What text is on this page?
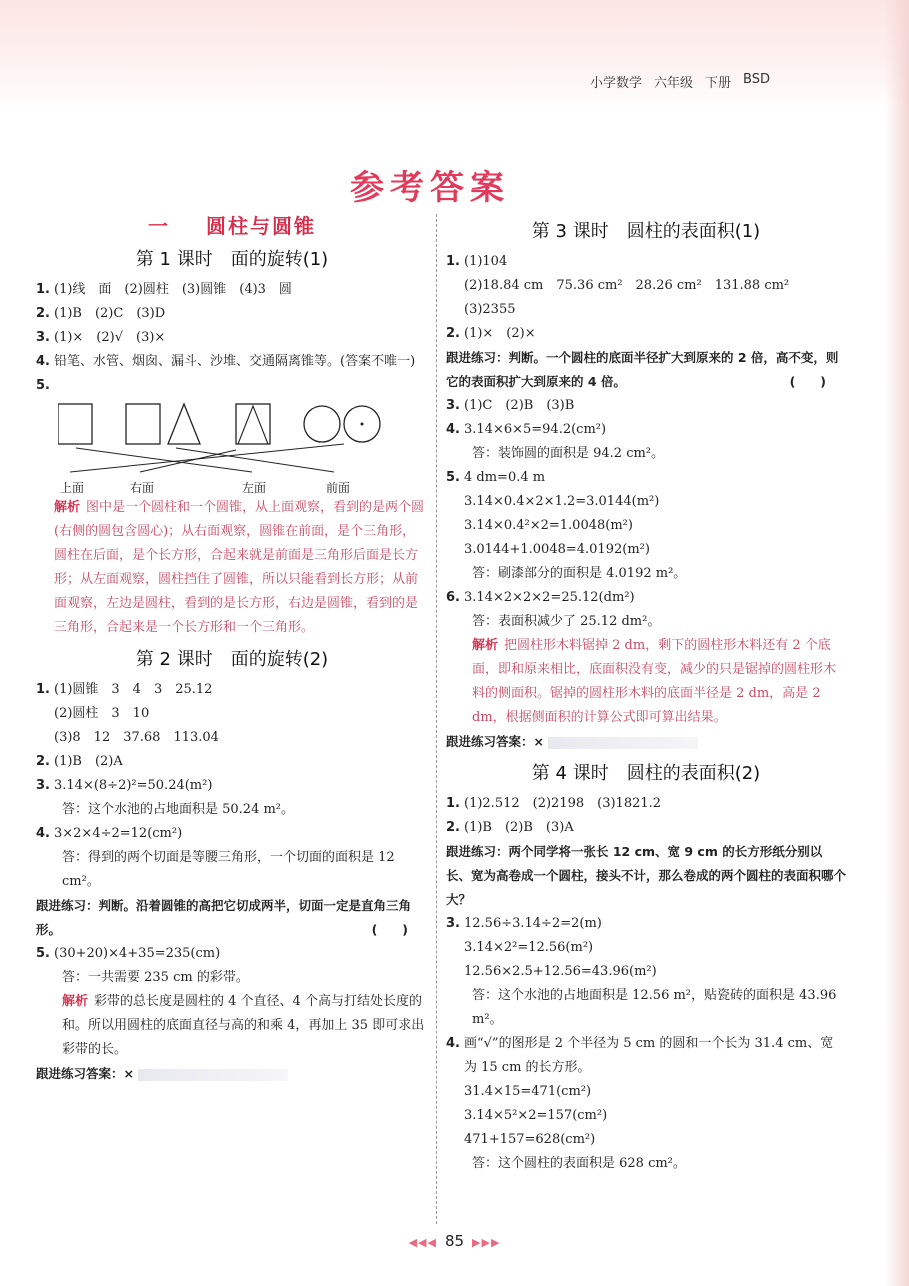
小学数学 六年级 下册 BSD
参考答案
一 圆柱与圆锥
第 1 课时　面的旋转(1)
1. (1)线　面　(2)圆柱　(3)圆锥　(4)3　圆
2. (1)B　(2)C　(3)D
3. (1)×　(2)√　(3)×
4. 铅笔、水管、烟囱、漏斗、沙堆、交通隔离锥等。(答案不唯一)
5.
上面	右面	左面	前面
解析 图中是一个圆柱和一个圆锥，从上面观察，看到的是两个圆(右侧的圆包含圆心)；从右面观察，圆锥在前面，是个三角形，圆柱在后面，是个长方形，合起来就是前面是三角形后面是长方形；从左面观察，圆柱挡住了圆锥，所以只能看到长方形；从前面观察，左边是圆柱，看到的是长方形，右边是圆锥，看到的是三角形，合起来是一个长方形和一个三角形。
第 2 课时　面的旋转(2)
1. (1)圆锥　3　4　3　25.12
(2)圆柱　3　10
(3)8　12　37.68　113.04
2. (1)B　(2)A
3. 3.14×(8÷2)²=50.24(m²)
答：这个水池的占地面积是 50.24 m²。
4. 3×2×4÷2=12(cm²)
答：得到的两个切面是等腰三角形，一个切面的面积是 12 cm²。
跟进练习：判断。沿着圆锥的高把它切成两半，切面一定是直角三角形。	(　　)
5. (30+20)×4+35=235(cm)
答：一共需要 235 cm 的彩带。
解析 彩带的总长度是圆柱的 4 个直径、4 个高与打结处长度的和。所以用圆柱的底面直径与高的和乘 4，再加上 35 即可求出彩带的长。
跟进练习答案：×
第 3 课时　圆柱的表面积(1)
1. (1)104
(2)18.84 cm　75.36 cm²　28.26 cm²　131.88 cm²
(3)2355
2. (1)×　(2)×
跟进练习：判断。一个圆柱的底面半径扩大到原来的 2 倍，高不变，则它的表面积扩大到原来的 4 倍。	(　　)
3. (1)C　(2)B　(3)B
4. 3.14×6×5=94.2(cm²)
答：装饰圆的面积是 94.2 cm²。
5. 4 dm=0.4 m
3.14×0.4×2×1.2=3.0144(m²)
3.14×0.4²×2=1.0048(m²)
3.0144+1.0048=4.0192(m²)
答：刷漆部分的面积是 4.0192 m²。
6. 3.14×2×2×2=25.12(dm²)
答：表面积减少了 25.12 dm²。
解析 把圆柱形木料锯掉 2 dm，剩下的圆柱形木料还有 2 个底面，即和原来相比，底面积没有变，减少的只是锯掉的圆柱形木料的侧面积。锯掉的圆柱形木料的底面半径是 2 dm，高是 2 dm，根据侧面积的计算公式即可算出结果。
跟进练习答案：×
第 4 课时　圆柱的表面积(2)
1. (1)2.512　(2)2198　(3)1821.2
2. (1)B　(2)B　(3)A
跟进练习：两个同学将一张长 12 cm、宽 9 cm 的长方形纸分别以长、宽为高卷成一个圆柱，接头不计，那么卷成的两个圆柱的表面积哪个大？
3. 12.56÷3.14÷2=2(m)
3.14×2²=12.56(m²)
12.56×2.5+12.56=43.96(m²)
答：这个水池的占地面积是 12.56 m²，贴瓷砖的面积是 43.96 m²。
4. 画“√”的图形是 2 个半径为 5 cm 的圆和一个长为 31.4 cm、宽为 15 cm 的长方形。
31.4×15=471(cm²)
3.14×5²×2=157(cm²)
471+157=628(cm²)
答：这个圆柱的表面积是 628 cm²。
◀◀◀ 85 ▶▶▶
